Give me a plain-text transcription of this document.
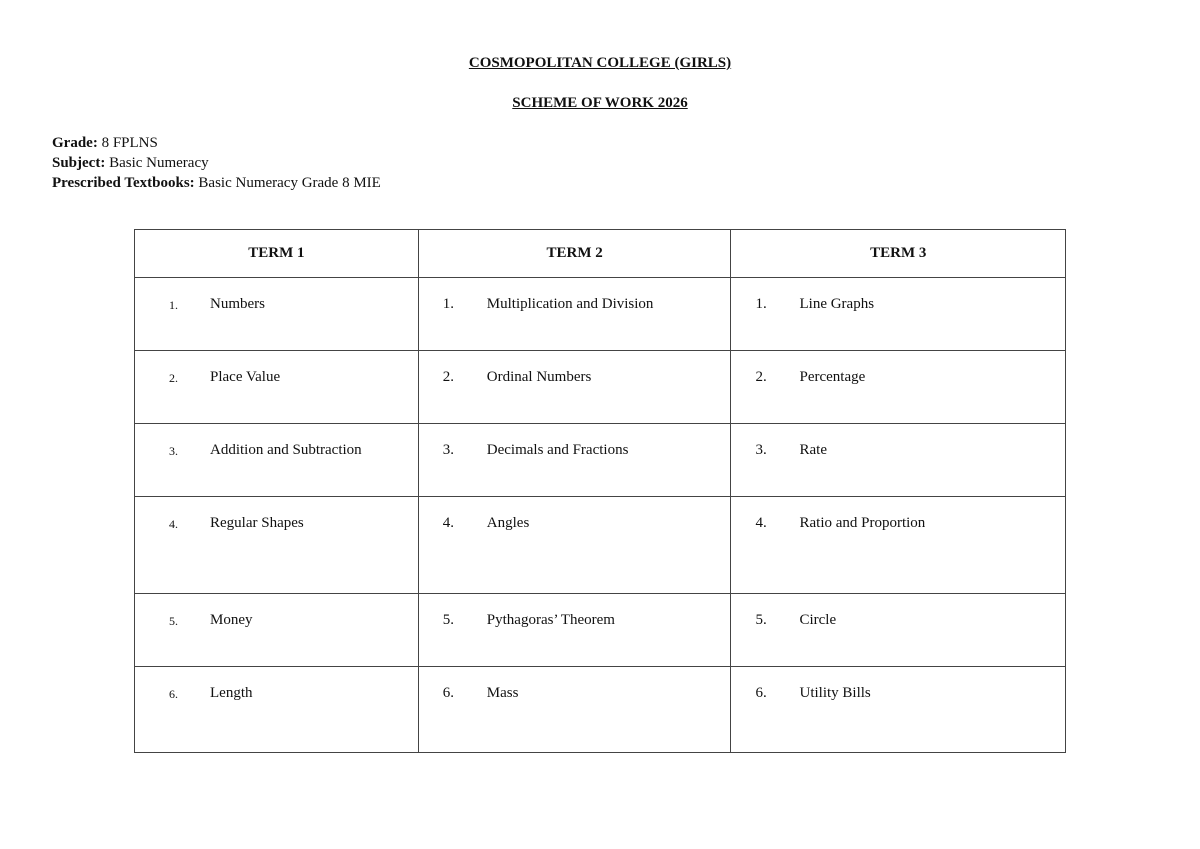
COSMOPOLITAN COLLEGE (GIRLS)
SCHEME OF WORK 2026
Grade: 8 FPLNS
Subject: Basic Numeracy
Prescribed Textbooks: Basic Numeracy Grade 8 MIE
TERM 1	TERM 2	TERM 3

1. Numbers	1. Multiplication and Division	1. Line Graphs

2. Place Value	2. Ordinal Numbers	2. Percentage

3. Addition and Subtraction	3. Decimals and Fractions	3. Rate

4. Regular Shapes	4. Angles	4. Ratio and Proportion

5. Money	5. Pythagoras’ Theorem	5. Circle

6. Length	6. Mass	6. Utility Bills
